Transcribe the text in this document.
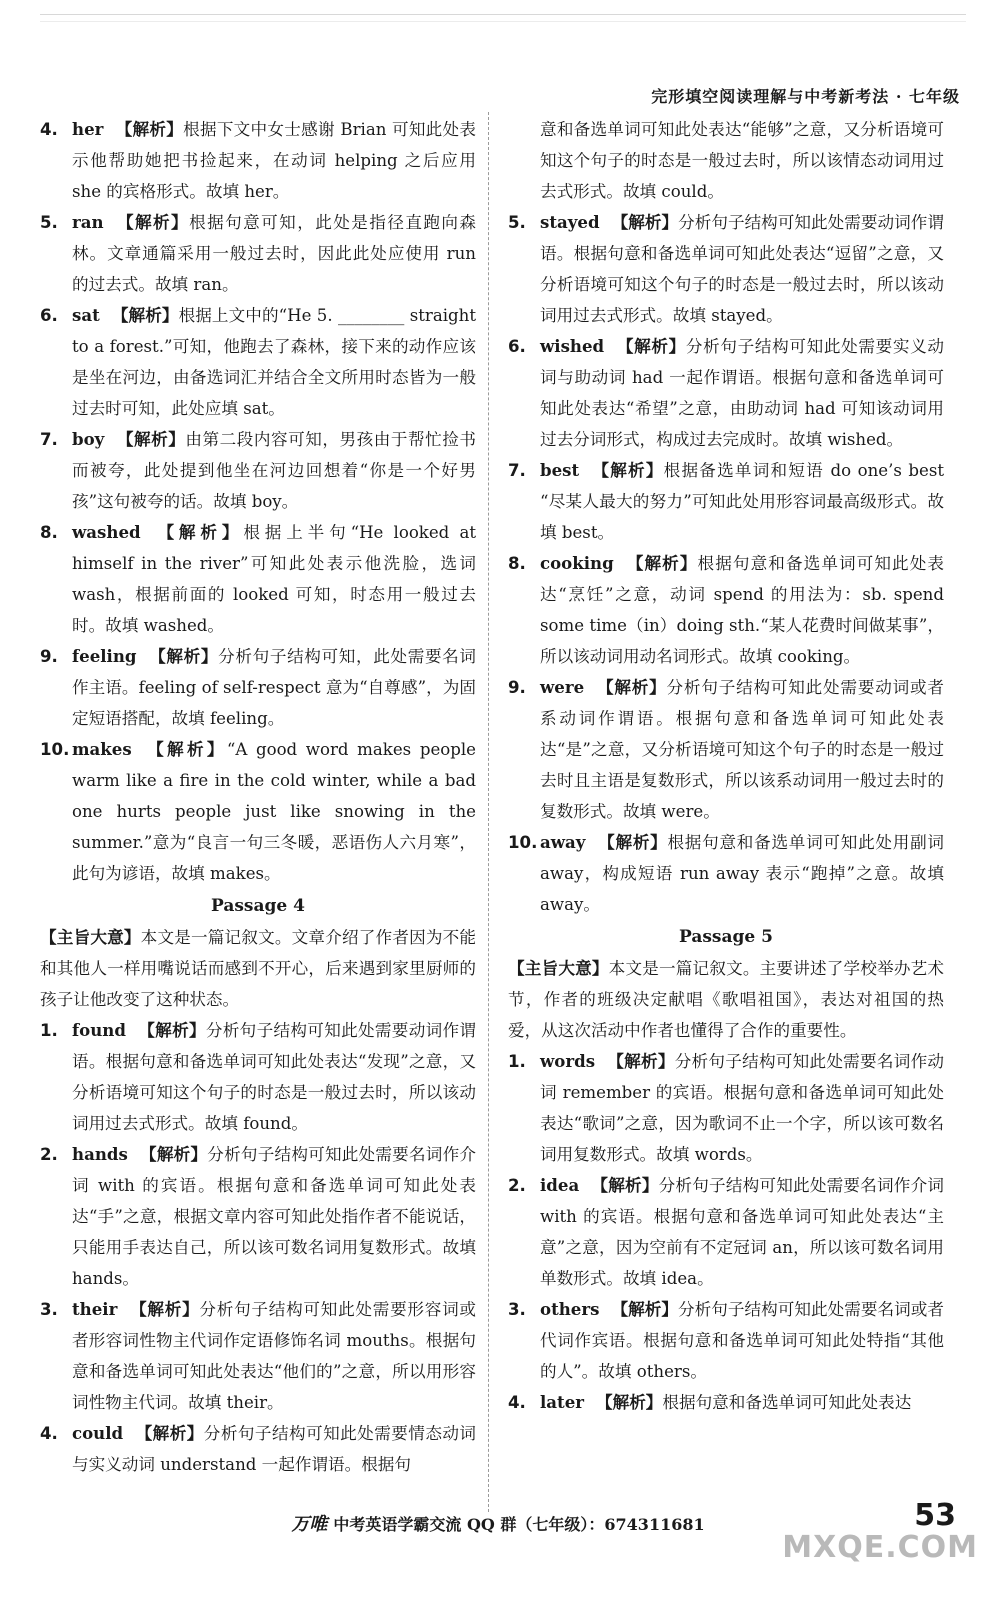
完形填空阅读理解与中考新考法 · 七年级
4. her 【解析】根据下文中女士感谢 Brian 可知此处表示他帮助她把书捡起来，在动词 helping 之后应用 she 的宾格形式。故填 her。
5. ran 【解析】根据句意可知，此处是指径直跑向森林。文章通篇采用一般过去时，因此此处应使用 run 的过去式。故填 ran。
6. sat 【解析】根据上文中的“He 5. ________ straight to a forest.”可知，他跑去了森林，接下来的动作应该是坐在河边，由备选词汇并结合全文所用时态皆为一般过去时可知，此处应填 sat。
7. boy 【解析】由第二段内容可知，男孩由于帮忙捡书而被夸，此处提到他坐在河边回想着“你是一个好男孩”这句被夸的话。故填 boy。
8. washed 【解析】根据上半句“He looked at himself in the river”可知此处表示他洗脸，选词 wash，根据前面的 looked 可知，时态用一般过去时。故填 washed。
9. feeling 【解析】分析句子结构可知，此处需要名词作主语。feeling of self-respect 意为“自尊感”，为固定短语搭配，故填 feeling。
10. makes 【解析】“A good word makes people warm like a fire in the cold winter, while a bad one hurts people just like snowing in the summer.”意为“良言一句三冬暖，恶语伤人六月寒”，此句为谚语，故填 makes。
Passage 4
【主旨大意】本文是一篇记叙文。文章介绍了作者因为不能和其他人一样用嘴说话而感到不开心，后来遇到家里厨师的孩子让他改变了这种状态。
1. found 【解析】分析句子结构可知此处需要动词作谓语。根据句意和备选单词可知此处表达“发现”之意，又分析语境可知这个句子的时态是一般过去时，所以该动词用过去式形式。故填 found。
2. hands 【解析】分析句子结构可知此处需要名词作介词 with 的宾语。根据句意和备选单词可知此处表达“手”之意，根据文章内容可知此处指作者不能说话，只能用手表达自己，所以该可数名词用复数形式。故填 hands。
3. their 【解析】分析句子结构可知此处需要形容词或者形容词性物主代词作定语修饰名词 mouths。根据句意和备选单词可知此处表达“他们的”之意，所以用形容词性物主代词。故填 their。
4. could 【解析】分析句子结构可知此处需要情态动词与实义动词 understand 一起作谓语。根据句
意和备选单词可知此处表达“能够”之意，又分析语境可知这个句子的时态是一般过去时，所以该情态动词用过去式形式。故填 could。
5. stayed 【解析】分析句子结构可知此处需要动词作谓语。根据句意和备选单词可知此处表达“逗留”之意，又分析语境可知这个句子的时态是一般过去时，所以该动词用过去式形式。故填 stayed。
6. wished 【解析】分析句子结构可知此处需要实义动词与助动词 had 一起作谓语。根据句意和备选单词可知此处表达“希望”之意，由助动词 had 可知该动词用过去分词形式，构成过去完成时。故填 wished。
7. best 【解析】根据备选单词和短语 do one’s best “尽某人最大的努力”可知此处用形容词最高级形式。故填 best。
8. cooking 【解析】根据句意和备选单词可知此处表达“烹饪”之意，动词 spend 的用法为：sb. spend some time（in）doing sth.“某人花费时间做某事”，所以该动词用动名词形式。故填 cooking。
9. were 【解析】分析句子结构可知此处需要动词或者系动词作谓语。根据句意和备选单词可知此处表达“是”之意，又分析语境可知这个句子的时态是一般过去时且主语是复数形式，所以该系动词用一般过去时的复数形式。故填 were。
10. away 【解析】根据句意和备选单词可知此处用副词 away，构成短语 run away 表示“跑掉”之意。故填 away。
Passage 5
【主旨大意】本文是一篇记叙文。主要讲述了学校举办艺术节，作者的班级决定献唱《歌唱祖国》，表达对祖国的热爱，从这次活动中作者也懂得了合作的重要性。
1. words 【解析】分析句子结构可知此处需要名词作动词 remember 的宾语。根据句意和备选单词可知此处表达“歌词”之意，因为歌词不止一个字，所以该可数名词用复数形式。故填 words。
2. idea 【解析】分析句子结构可知此处需要名词作介词 with 的宾语。根据句意和备选单词可知此处表达“主意”之意，因为空前有不定冠词 an，所以该可数名词用单数形式。故填 idea。
3. others 【解析】分析句子结构可知此处需要名词或者代词作宾语。根据句意和备选单词可知此处特指“其他的人”。故填 others。
4. later 【解析】根据句意和备选单词可知此处表达
万唯 中考英语学霸交流 QQ 群（七年级）：674311681	53
MXQE.COM
